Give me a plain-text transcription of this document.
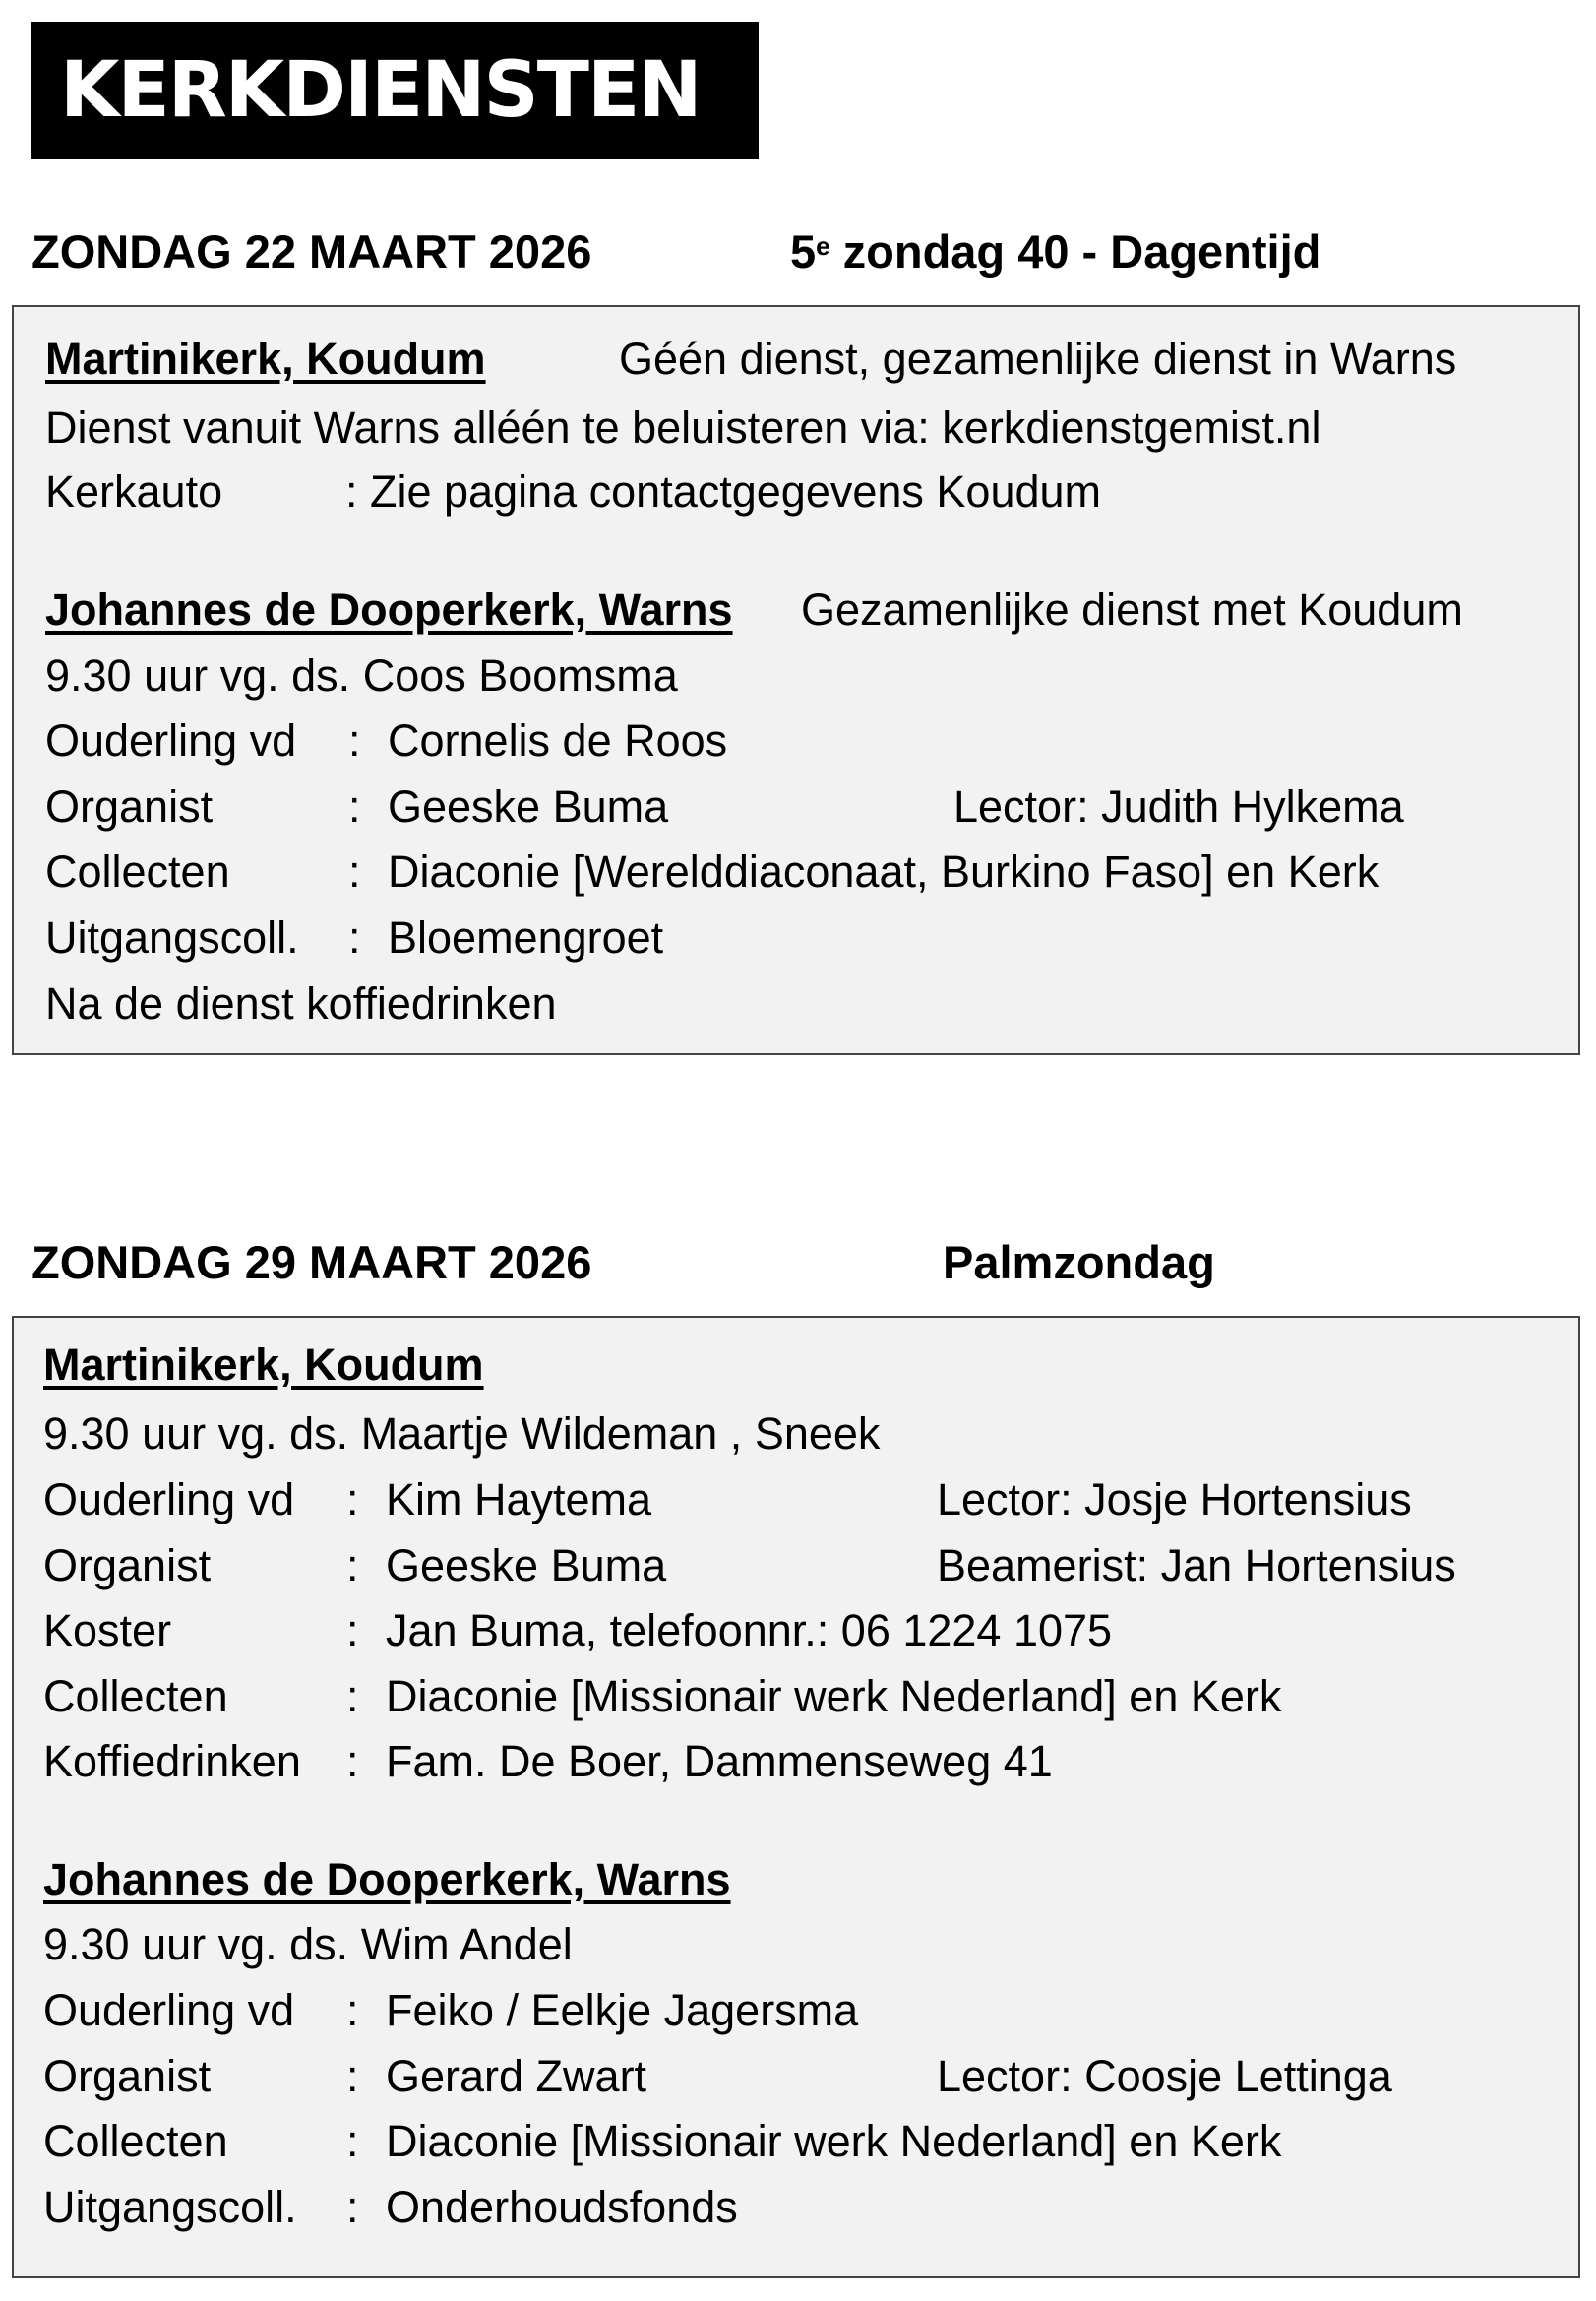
KERKDIENSTEN
ZONDAG 22 MAART 2026	5e zondag 40 - Dagentijd
Martinikerk, Koudum	Géén dienst, gezamenlijke dienst in Warns
Dienst vanuit Warns alléén te beluisteren via: kerkdienstgemist.nl
Kerkauto	: Zie pagina contactgegevens Koudum
Johannes de Dooperkerk, Warns Gezamenlijke dienst met Koudum
9.30 uur vg. ds. Coos Boomsma
Ouderling vd : Cornelis de Roos
Organist	: Geeske Buma	Lector: Judith Hylkema
Collecten	: Diaconie [Werelddiaconaat, Burkino Faso] en Kerk
Uitgangscoll. : Bloemengroet
Na de dienst koffiedrinken
ZONDAG 29 MAART 2026	Palmzondag
Martinikerk, Koudum
9.30 uur vg. ds. Maartje Wildeman , Sneek
Ouderling vd : Kim Haytema	Lector: Josje Hortensius
Organist	: Geeske Buma	Beamerist: Jan Hortensius
Koster	: Jan Buma, telefoonnr.: 06 1224 1075
Collecten	: Diaconie [Missionair werk Nederland] en Kerk
Koffiedrinken : Fam. De Boer, Dammenseweg 41
Johannes de Dooperkerk, Warns
9.30 uur vg. ds. Wim Andel
Ouderling vd : Feiko / Eelkje Jagersma
Organist	: Gerard Zwart	Lector: Coosje Lettinga
Collecten	: Diaconie [Missionair werk Nederland] en Kerk
Uitgangscoll. : Onderhoudsfonds
